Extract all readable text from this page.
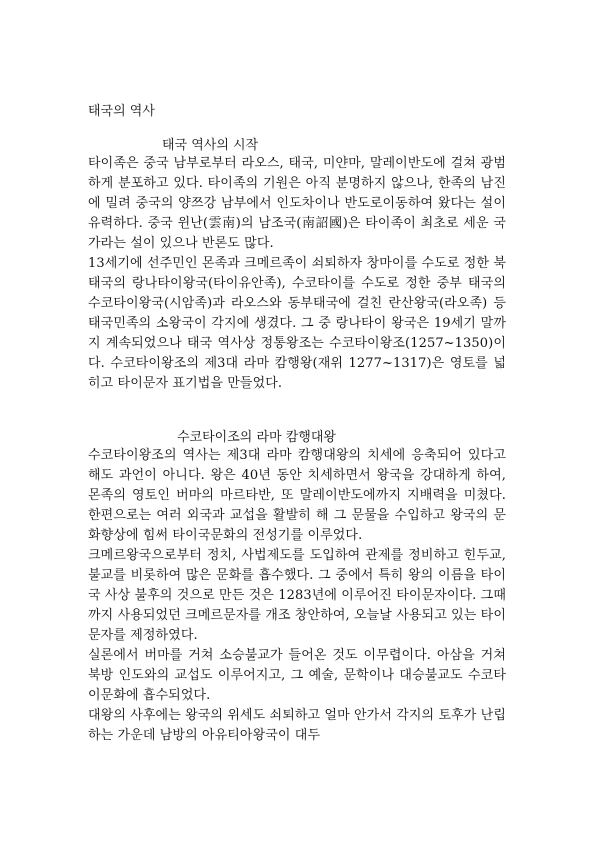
태국의 역사
태국 역사의 시작

타이족은 중국 남부로부터 라오스, 태국, 미얀마, 말레이반도에 걸쳐 광범하게 분포하고 있다. 타이족의 기원은 아직 분명하지 않으나, 한족의 남진에 밀려 중국의 양쯔강 남부에서 인도차이나 반도로이동하여 왔다는 설이 유력하다. 중국 윈난(雲南)의 남조국(南詔國)은 타이족이 최초로 세운 국가라는 설이 있으나 반론도 많다.

13세기에 선주민인 몬족과 크메르족이 쇠퇴하자 창마이를 수도로 정한 북태국의 랑나타이왕국(타이유안족), 수코타이를 수도로 정한 중부 태국의 수코타이왕국(시암족)과 라오스와 동부태국에 걸친 란산왕국(라오족) 등 태국민족의 소왕국이 각지에 생겼다. 그 중 랑나타이 왕국은 19세기 말까지 계속되었으나 태국 역사상 정통왕조는 수코타이왕조(1257~1350)이다. 수코타이왕조의 제3대 라마 캄행왕(재위 1277~1317)은 영토를 넓히고 타이문자 표기법을 만들었다.

수코타이조의 라마 캄행대왕

수코타이왕조의 역사는 제3대 라마 캄행대왕의 치세에 응축되어 있다고 해도 과언이 아니다. 왕은 40년 동안 치세하면서 왕국을 강대하게 하여, 몬족의 영토인 버마의 마르타반, 또 말레이반도에까지 지배력을 미쳤다. 한편으로는 여러 외국과 교섭을 활발히 해 그 문물을 수입하고 왕국의 문화향상에 힘써 타이국문화의 전성기를 이루었다.

크메르왕국으로부터 정치, 사법제도를 도입하여 관제를 정비하고 힌두교, 불교를 비롯하여 많은 문화를 흡수했다. 그 중에서 특히 왕의 이름을 타이국 사상 불후의 것으로 만든 것은 1283년에 이루어진 타이문자이다. 그때까지 사용되었던 크메르문자를 개조 창안하여, 오늘날 사용되고 있는 타이문자를 제정하였다.

실론에서 버마를 거쳐 소승불교가 들어온 것도 이무렵이다. 아삼을 거쳐 북방 인도와의 교섭도 이루어지고, 그 예술, 문학이나 대승불교도 수코타이문화에 흡수되었다.

대왕의 사후에는 왕국의 위세도 쇠퇴하고 얼마 안가서 각지의 토후가 난립하는 가운데 남방의 아유티아왕국이 대두
